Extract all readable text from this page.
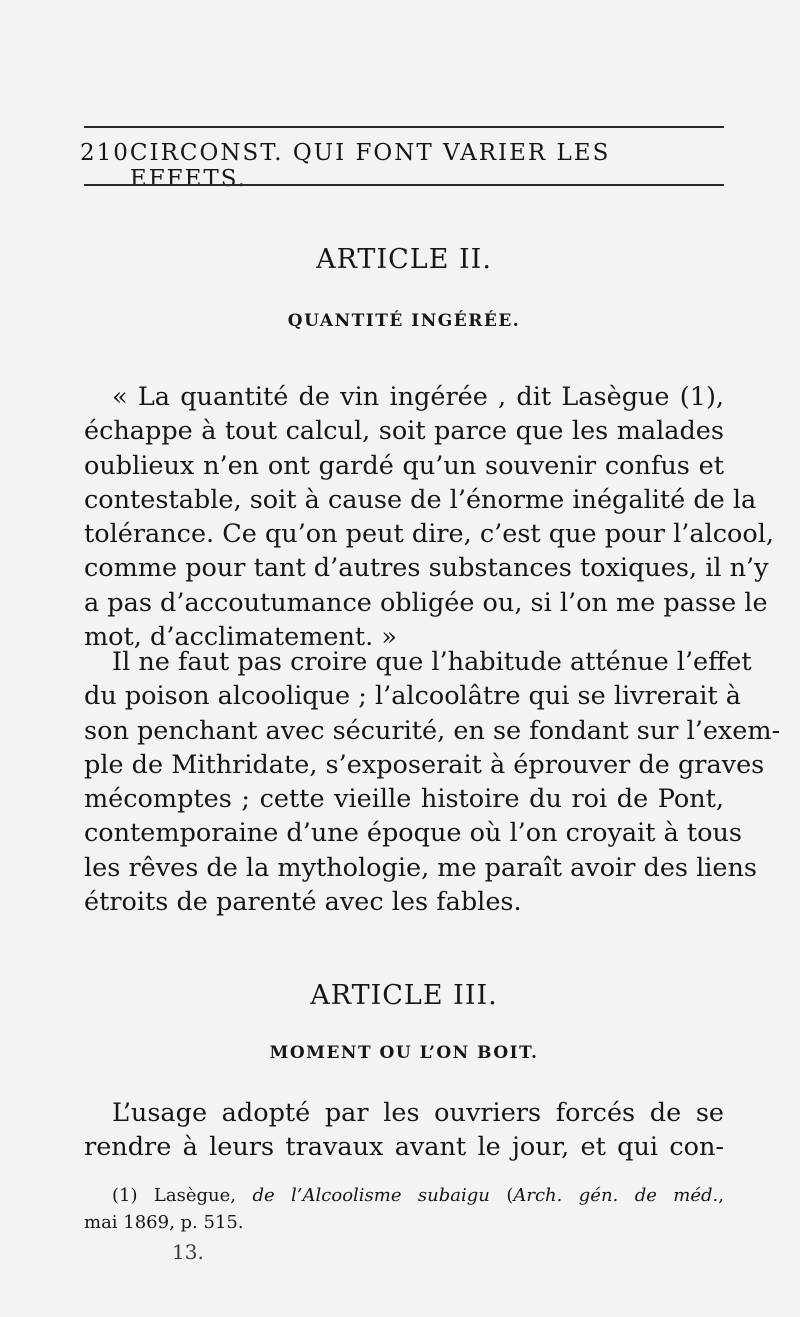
210 CIRCONST. QUI FONT VARIER LES EFFETS.
ARTICLE II.
QUANTITÉ INGÉRÉE.
« La quantité de vin ingérée , dit Lasègue (1),
échappe à tout calcul, soit parce que les malades
oublieux n’en ont gardé qu’un souvenir confus et
contestable, soit à cause de l’énorme inégalité de la
tolérance. Ce qu’on peut dire, c’est que pour l’alcool,
comme pour tant d’autres substances toxiques, il n’y
a pas d’accoutumance obligée ou, si l’on me passe le
mot, d’acclimatement. »
Il ne faut pas croire que l’habitude atténue l’effet
du poison alcoolique ; l’alcoolâtre qui se livrerait à
son penchant avec sécurité, en se fondant sur l’exem-
ple de Mithridate, s’exposerait à éprouver de graves
mécomptes ; cette vieille histoire du roi de Pont,
contemporaine d’une époque où l’on croyait à tous
les rêves de la mythologie, me paraît avoir des liens
étroits de parenté avec les fables.
ARTICLE III.
MOMENT OU L’ON BOIT.
L’usage adopté par les ouvriers forcés de se
rendre à leurs travaux avant le jour, et qui con-
(1) Lasègue, de l’Alcoolisme subaigu (Arch. gén. de méd.,
mai 1869, p. 515.
13.
